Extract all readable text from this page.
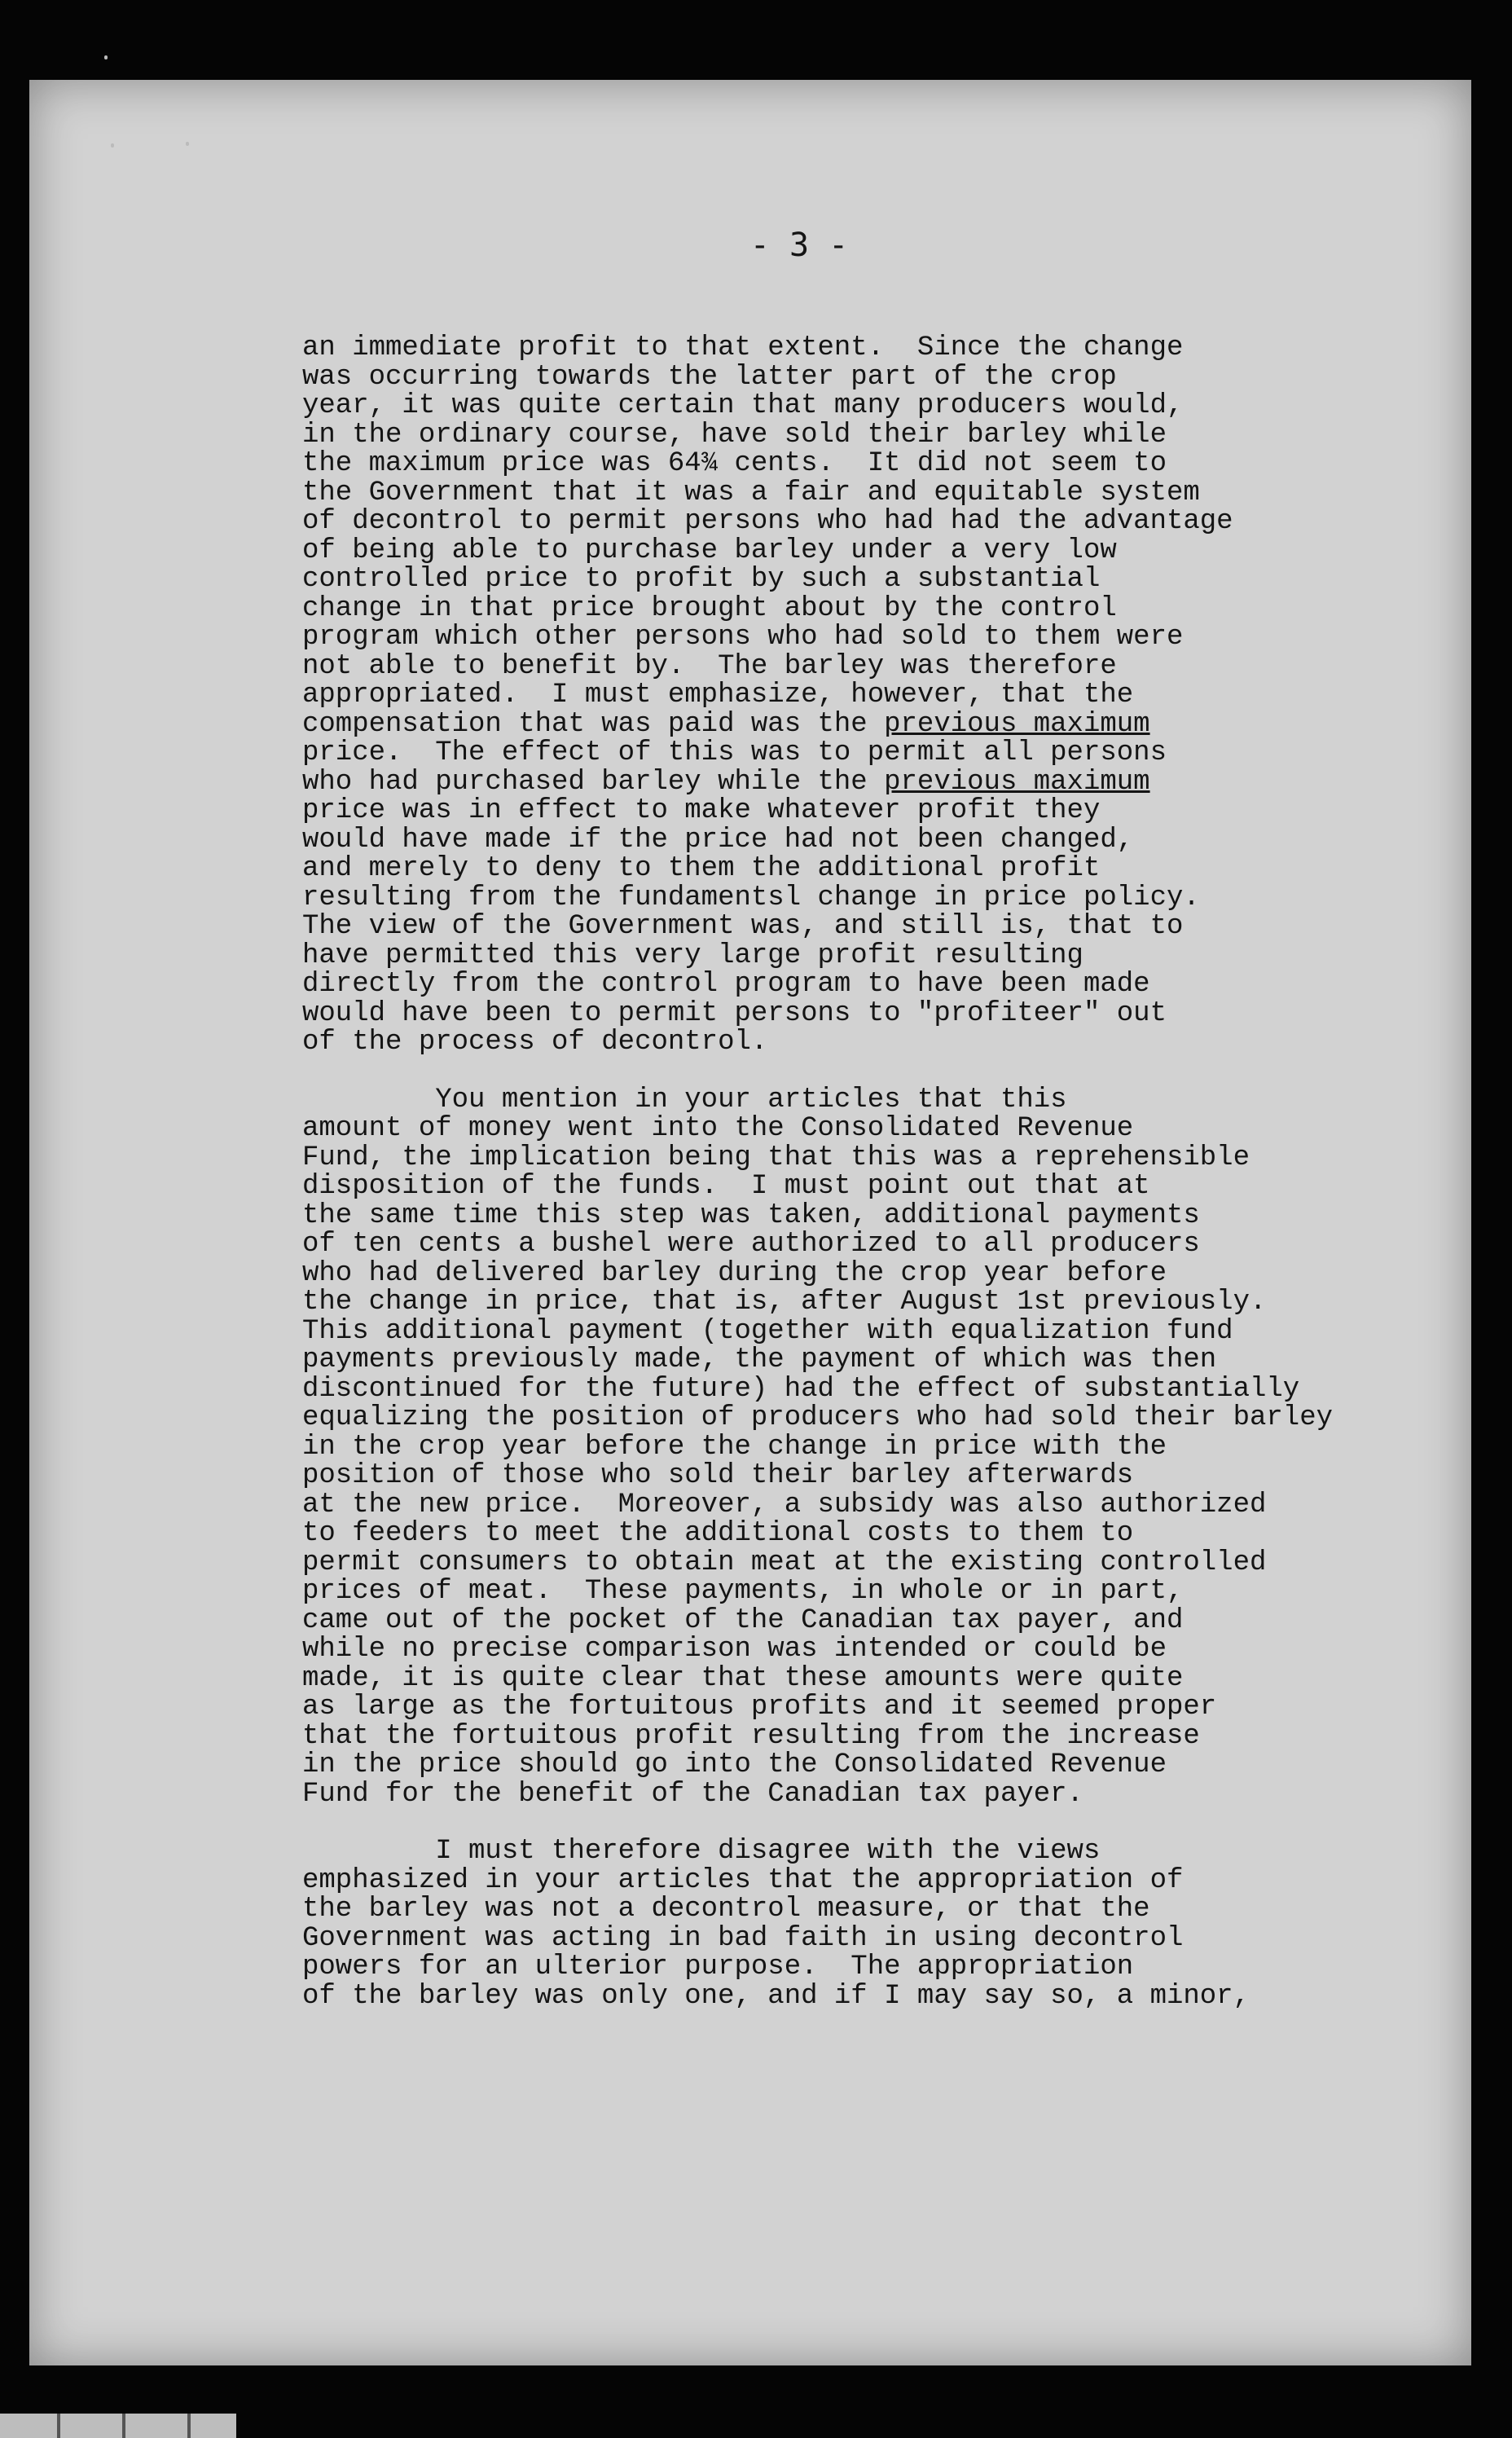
- 3 -
an immediate profit to that extent.  Since the change
was occurring towards the latter part of the crop
year, it was quite certain that many producers would,
in the ordinary course, have sold their barley while
the maximum price was 64¾ cents.  It did not seem to
the Government that it was a fair and equitable system
of decontrol to permit persons who had had the advantage
of being able to purchase barley under a very low
controlled price to profit by such a substantial
change in that price brought about by the control
program which other persons who had sold to them were
not able to benefit by.  The barley was therefore
appropriated.  I must emphasize, however, that the
compensation that was paid was the previous maximum
price.  The effect of this was to permit all persons
who had purchased barley while the previous maximum
price was in effect to make whatever profit they
would have made if the price had not been changed,
and merely to deny to them the additional profit
resulting from the fundamentsl change in price policy.
The view of the Government was, and still is, that to
have permitted this very large profit resulting
directly from the control program to have been made
would have been to permit persons to "profiteer" out
of the process of decontrol.
You mention in your articles that this
amount of money went into the Consolidated Revenue
Fund, the implication being that this was a reprehensible
disposition of the funds.  I must point out that at
the same time this step was taken, additional payments
of ten cents a bushel were authorized to all producers
who had delivered barley during the crop year before
the change in price, that is, after August 1st previously.
This additional payment (together with equalization fund
payments previously made, the payment of which was then
discontinued for the future) had the effect of substantially
equalizing the position of producers who had sold their barley
in the crop year before the change in price with the
position of those who sold their barley afterwards
at the new price.  Moreover, a subsidy was also authorized
to feeders to meet the additional costs to them to
permit consumers to obtain meat at the existing controlled
prices of meat.  These payments, in whole or in part,
came out of the pocket of the Canadian tax payer, and
while no precise comparison was intended or could be
made, it is quite clear that these amounts were quite
as large as the fortuitous profits and it seemed proper
that the fortuitous profit resulting from the increase
in the price should go into the Consolidated Revenue
Fund for the benefit of the Canadian tax payer.
I must therefore disagree with the views
emphasized in your articles that the appropriation of
the barley was not a decontrol measure, or that the
Government was acting in bad faith in using decontrol
powers for an ulterior purpose.  The appropriation
of the barley was only one, and if I may say so, a minor,
